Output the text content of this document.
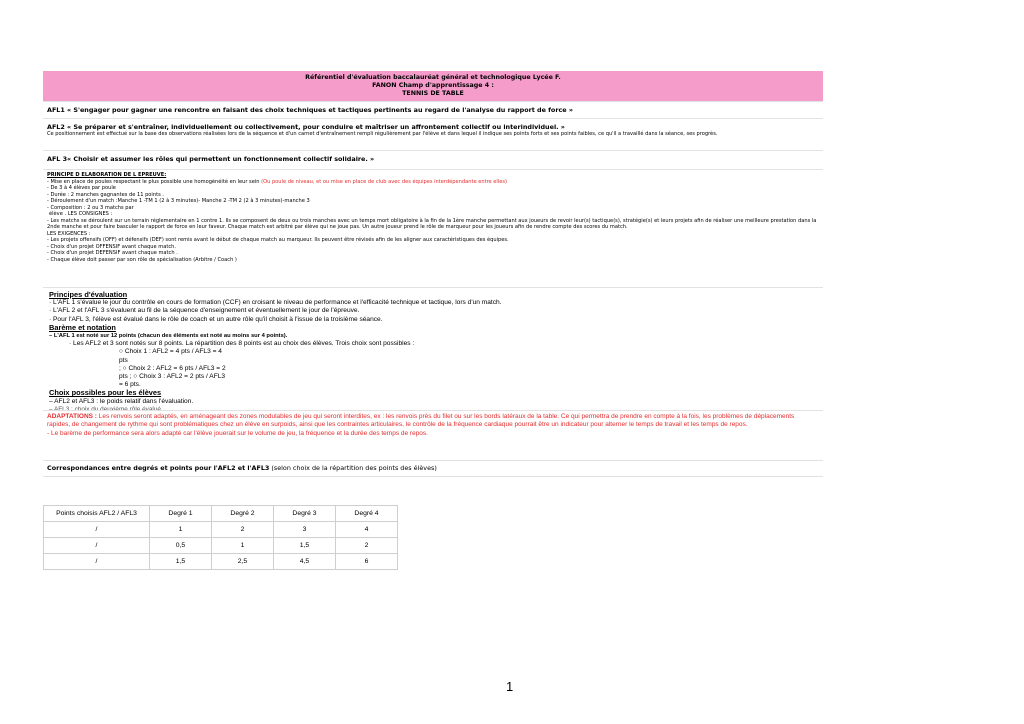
Référentiel d'évaluation baccalauréat général et technologique Lycée F.
FANON Champ d'apprentissage 4 :
TENNIS DE TABLE
AFL1 « S'engager pour gagner une rencontre en faisant des choix techniques et tactiques pertinents au regard de l'analyse du rapport de force »
AFL2 « Se préparer et s'entraîner, individuellement ou collectivement, pour conduire et maîtriser un affrontement collectif ou interindividuel. »
Ce positionnement est effectué sur la base des observations réalisées lors de la séquence et d'un carnet d'entraînement rempli régulièrement par l'élève et dans lequel il indique ses points forts et ses points faibles, ce qu'il a travaillé dans la séance, ses progrès.
AFL 3« Choisir et assumer les rôles qui permettent un fonctionnement collectif solidaire. »
PRINCIPE D ELABORATION DE L EPREUVE:
- Mise en place de poules respectant le plus possible une homogénéité en leur sein (Ou poule de niveau, et ou mise en place de club avec des équipes interdépendante entre elles)
- De 3 à 4 élèves par poule
- Durée : 2 manches gagnantes de 11 points .
- Déroulement d'un match :Manche 1 -TM 1 (2 à 3 minutes)- Manche 2 -TM 2 (2 à 3 minutes)-manche 3
- Composition : 2 ou 3 matchs par
élève . LES CONSIGNES :
- Les matchs se déroulent sur un terrain réglementaire en 1 contre 1. Ils se composent de deux ou trois manches avec un temps mort obligatoire à la fin de la 1ère manche permettant aux joueurs de revoir leur(s) tactique(s), stratégie(s) et leurs projets afin de réaliser une meilleure prestation dans la 2nde manche et pour faire basculer le rapport de force en leur faveur. Chaque match est arbitré par élève qui ne joue pas. Un autre joueur prend le rôle de marqueur pour les joueurs afin de rendre compte des scores du match.
LES EXIGENCES :
- Les projets offensifs (OFF) et défensifs (DEF) sont remis avant le début de chaque match au marqueur. Ils peuvent être révisés afin de les aligner aux caractéristiques des équipes.
- Choix d'un projet OFFENSIF avant chaque match.
- Choix d'un projet DEFENSIF avant chaque match .
- Chaque élève doit passer par son rôle de spécialisation (Arbitre / Coach )
Principes d'évaluation
· L'AFL 1 s'évalue le jour du contrôle en cours de formation (CCF) en croisant le niveau de performance et l'efficacité technique et tactique, lors d'un match.
· L'AFL 2 et l'AFL 3 s'évaluent au fil de la séquence d'enseignement et éventuellement le jour de l'épreuve.
· Pour l'AFL 3, l'élève est évalué dans le rôle de coach et un autre rôle qu'il choisit à l'issue de la troisième séance.
Barème et notation
– L'AFL 1 est noté sur 12 points (chacun des éléments est noté au moins sur 4 points).
· Les AFL2 et 3 sont notés sur 8 points. La répartition des 8 points est au choix des élèves. Trois choix sont possibles :
○ Choix 1 : AFL2 = 4 pts / AFL3 = 4 pts
; ○ Choix 2 : AFL2 = 6 pts / AFL3 = 2 pts ; ○ Choix 3 : AFL2 = 2 pts / AFL3 = 6 pts.
Choix possibles pour les élèves
– AFL2 et AFL3 : le poids relatif dans l'évaluation.
– AFL3 : choix du deuxième rôle évalué.
ADAPTATIONS : Les renvois seront adaptés, en aménageant des zones modulables de jeu qui seront interdites, ex : les renvois près du filet ou sur les bords latéraux de la table. Ce qui permettra de prendre en compte à la fois, les problèmes de déplacements rapides, de changement de rythme qui sont problématiques chez un élève en surpoids, ainsi que les contraintes articulaires, le contrôle de la fréquence cardiaque pourrait être un indicateur pour alterner le temps de travail et les temps de repos.
- Le barème de performance sera alors adapté car l'élève jouerait sur le volume de jeu, la fréquence et la durée des temps de repos.
Correspondances entre degrés et points pour l'AFL2 et l'AFL3 (selon choix de la répartition des points des élèves)
Points choisis AFL2 / AFL3	Degré 1	Degré 2	Degré 3	Degré 4
/	1	2	3	4
/	0,5	1	1,5	2
/	1,5	2,5	4,5	6
1
